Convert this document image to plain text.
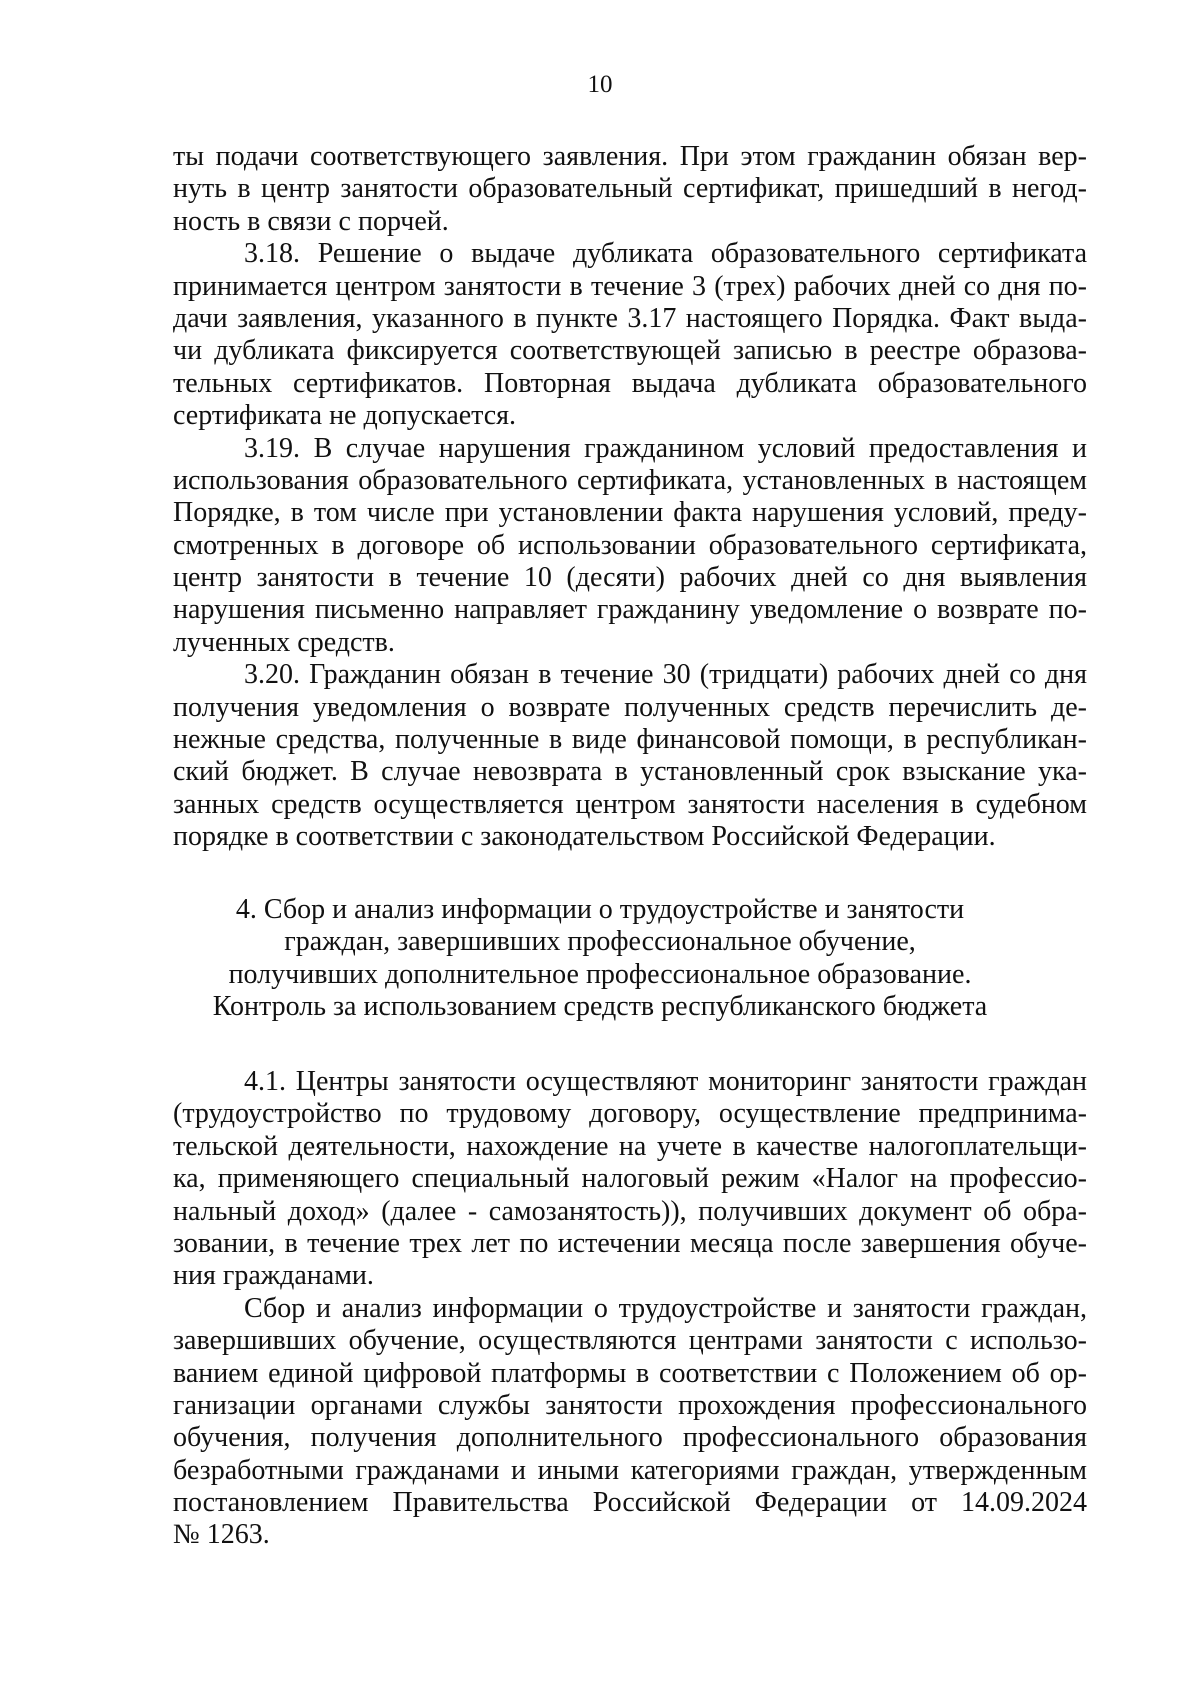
10
ты подачи соответствующего заявления. При этом гражданин обязан вер-
нуть в центр занятости образовательный сертификат, пришедший в негод-
ность в связи с порчей.
3.18. Решение о выдаче дубликата образовательного сертификата
принимается центром занятости в течение 3 (трех) рабочих дней со дня по-
дачи заявления, указанного в пункте 3.17 настоящего Порядка. Факт выда-
чи дубликата фиксируется соответствующей записью в реестре образова-
тельных сертификатов. Повторная выдача дубликата образовательного
сертификата не допускается.
3.19. В случае нарушения гражданином условий предоставления и
использования образовательного сертификата, установленных в настоящем
Порядке, в том числе при установлении факта нарушения условий, преду-
смотренных в договоре об использовании образовательного сертификата,
центр занятости в течение 10 (десяти) рабочих дней со дня выявления
нарушения письменно направляет гражданину уведомление о возврате по-
лученных средств.
3.20. Гражданин обязан в течение 30 (тридцати) рабочих дней со дня
получения уведомления о возврате полученных средств перечислить де-
нежные средства, полученные в виде финансовой помощи, в республикан-
ский бюджет. В случае невозврата в установленный срок взыскание ука-
занных средств осуществляется центром занятости населения в судебном
порядке в соответствии с законодательством Российской Федерации.
4. Сбор и анализ информации о трудоустройстве и занятости
граждан, завершивших профессиональное обучение,
получивших дополнительное профессиональное образование.
Контроль за использованием средств республиканского бюджета
4.1. Центры занятости осуществляют мониторинг занятости граждан
(трудоустройство по трудовому договору, осуществление предпринима-
тельской деятельности, нахождение на учете в качестве налогоплательщи-
ка, применяющего специальный налоговый режим «Налог на профессио-
нальный доход» (далее - самозанятость)), получивших документ об обра-
зовании, в течение трех лет по истечении месяца после завершения обуче-
ния гражданами.
Сбор и анализ информации о трудоустройстве и занятости граждан,
завершивших обучение, осуществляются центрами занятости с использо-
ванием единой цифровой платформы в соответствии с Положением об ор-
ганизации органами службы занятости прохождения профессионального
обучения, получения дополнительного профессионального образования
безработными гражданами и иными категориями граждан, утвержденным
постановлением Правительства Российской Федерации от 14.09.2024
№ 1263.
